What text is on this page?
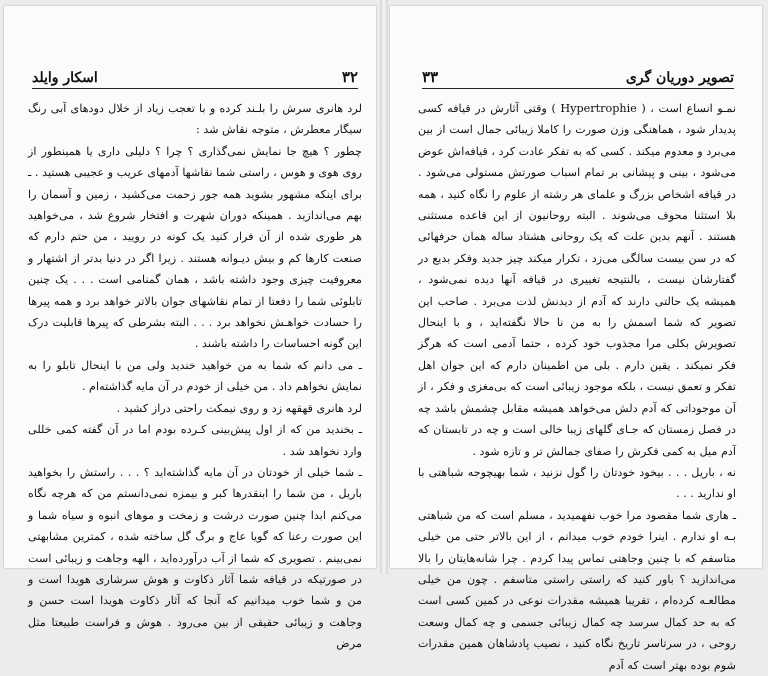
اسکار وایلد	۳۲

لرد هانری سرش را بلـند کرده و با تعجب زیاد از خلال دودهای آبی رنگ سیگار معطرش ، متوجه نقاش شد :

چطور ؟ هیچ جا نمایش نمی‌گذاری ؟ چرا ؟ دلیلی داری یا همینطور از روی هوی و هوس ، راستی شما نقاشها آدمهای عریب و عجیبی هستید . ـ برای اینکه مشهور بشوید همه جور زحمت می‌کشید ، زمین و آسمان را بهم می‌اندازید . همینکه دوران شهرت و افتخار شروع شد ، می‌خواهید هر طوری شده از آن فرار کنید یک کونه در رویید ، من حتم دارم که صنعت کارها کم و بیش دیـوانه هستند . زیرا اگر در دنیا بدتر از اشتهار و معروفیت چیزی وجود داشته باشد ، همان گمنامی است . . . یک چنین تابلوئی شما را دفعتا از تمام نقاشهای جوان بالاتر خواهد برد و همه پیرها را حسادت خواهـش نخواهد برد . . . البته بشرطی که پیرها قابلیت درک این گونه احساسات را داشته باشند .

ـ می دانم که شما به من خواهید خندید ولی من با اینحال تابلو را به نمایش نخواهم داد . من خیلی از خودم در آن مایه گذاشته‌ام .

لرد هانری قهقهه زد و روی نیمکت راحتی دراز کشید .

ـ بخندید من که از اول پیش‌بینی کـرده بودم اما در آن ‌گفته کمی خللی وارد نخواهد شد .

ـ شما خیلی از خودتان در آن مایه گذاشته‌اید ؟ . . . راستش را بخواهید باریل ، من شما را ابنقدرها کبر و بیمزه نمی‌دانستم من که هرچه نگاه می‌کنم ابدا چنین صورت درشت و زمخت و موهای انبوه و سیاه شما و این صورت رعنا که گویا عاج و برگ گل ساخته شده ، کمترین مشابهتی نمی‌بینم . تصویری که شما از آب درآورده‌اید ، الهه وجاهت و زیبائی است در صورتیکه در قیافه شما آثار ذکاوت و هوش سرشاری هویدا است و من و شما خوب میدانیم که آنجا که آثار ذکاوت هویدا است حسن و وجاهت و زیبائی حقیقی از بین می‌رود . هوش و فراست طبیعتا مثل مرض

۳۳	تصویر دوریان گری

نمـو انساع است ، ( Hypertrophie ) وقتی آثارش در قیافه کسی پدیدار شود ، هماهنگی وزن صورت را کاملا زیبائی جمال است از بین می‌برد و معدوم میکند . کسی که به تفکر عادت کرد ، قیافه‌اش عوض می‌شود ، بینی و پیشانی بر تمام اسباب صورتش مستولی می‌شود . در قیافه اشخاص بزرگ و علمای هر رشته از علوم را نگاه کنید ، همه بلا استثنا محوف می‌شوند . البته روحانیون از این قاعده مستثنی هستند . آنهم بدین علت که یک روحانی هشتاد ساله همان حرفهائی که در سن بیست سالگی می‌زد ، تکرار میکند چیز جدید وفکر بدیع در گفتارشان نیست ، بالنتیجه تغییری در قیافه آنها دیده نمی‌شود ، همیشه یک حالتی دارند که آدم از دیدنش لذت می‌برد . صاحب این تصویر که شما اسمش را به من نا حالا نگفته‌اید ، و با اینحال تصویرش بکلی مرا مجذوب خود کرده ، حتما آدمی است که هرگز فکر نمیکند . یقین دارم . بلی من اطمینان دارم که این جوان اهل تفکر و تعمق نیست ، بلکه موجود زیبائی است که بی‌مغزی و فکر ، از آن موجوداتی که آدم دلش می‌خواهد همیشه مقابل چشمش باشد چه در فصل زمستان که جـای گلهای زیبا خالی است و چه در تابستان که آدم میل به کمی فکرش را صفای جمالش تر و تازه شود .

نه ، باریل . . . بیخود خودتان را گول نزنید ، شما بهیچوجه شباهتی با او ندارید . . .

ـ هاری شما مقصود مرا خوب نفهمیدید ، مسلم است که من شباهتی بـه او ندارم . اینرا خودم خوب میدانم ، از این بالاتر حتی من خیلی متاسفم که با چنین وجاهتی تماس پیدا کردم . چرا شانه‌هایتان را بالا می‌اندازید ؟ باور کنید که راستی راستی متاسفم . چون من خیلی مطالعـه کرده‌ام ، تقریبا همیشه مقدرات نوعی در کمین کسی است که به حد کمال سرسد چه کمال زیبائی جسمی و چه کمال وسعت روحی ، در سرتاسر تاریخ نگاه کنید ، نصیب پادشاهان همین مقدرات شوم بوده بهتر است که آدم
